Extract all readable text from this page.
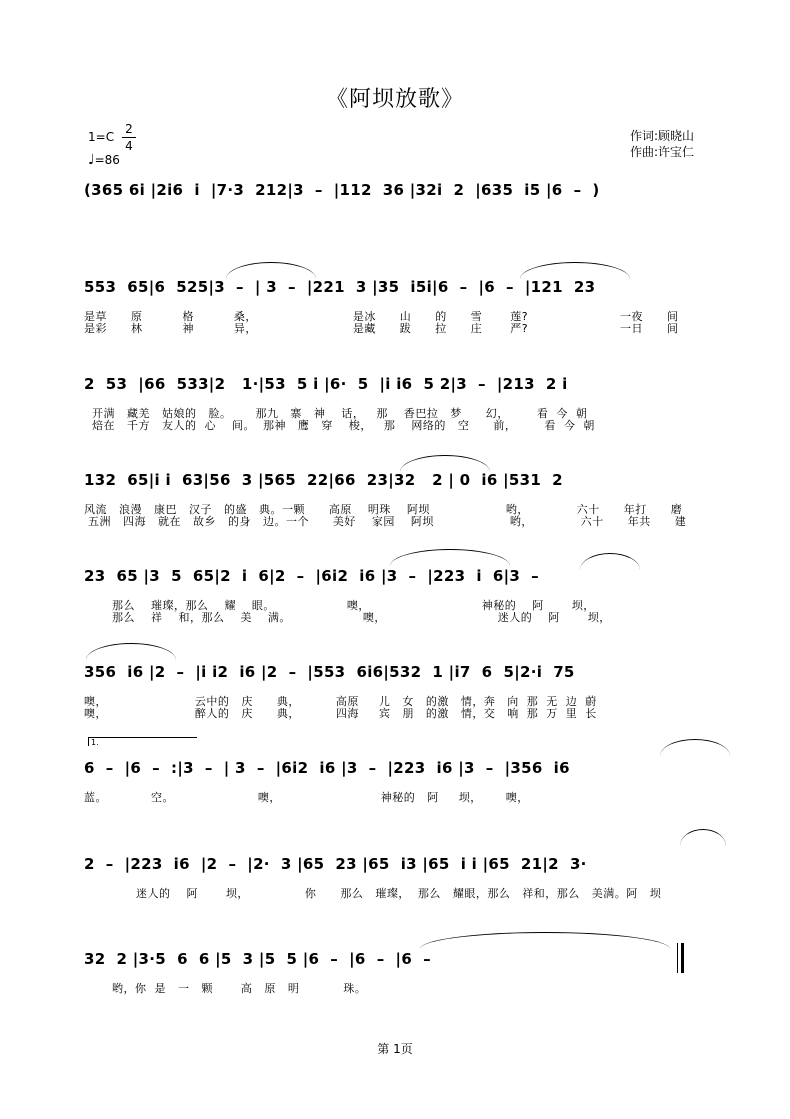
《阿坝放歌》
1=C
2
4
♩=86
作词:顾晓山
作曲:许宝仁
(365 6i |2i6  i  |7·3  212|3  –  |112  36 |32i  2  |635  i5 |6  –  )
553  65|6  525|3  –  | 3  –  |221  3 |35  i5i|6  –  |6  –  |121  23
是草      原          格          桑，                        是冰      山      的      雪       莲?                       一夜      间
是彩      林          神          异，                        是藏      跋      拉      庄       严?                       一日      间
2  53  |66  533|2   1·|53  5 i |6·  5  |i i6  5 2|3  –  |213  2 i
开满   藏羌   姑娘的   脸。      那九   寨   神    话，   那    香巴拉   梦      幻，       看  今  朝
焙在   千方   友人的  心    间。  那神   鹰   穿    梭，   那    网络的   空      前，       看  今  朝
132  65|i i  63|56  3 |565  22|66  23|32   2 | 0  i6 |531  2
风流   浪漫   康巴   汉子   的盛   典。一颗      高原    明珠    阿坝                   哟，            六十      年打      磨
五洲   四海   就在   故乡   的身   边。一个      美好    家园    阿坝                   哟，            六十      年共      建
23  65 |3  5  65|2  i  6|2  –  |6i2  i6 |3  –  |223  i  6|3  –
那么    璀璨，那么    耀    眼。                  噢，                            神秘的    阿       坝，
那么    祥    和，那么    美    满。                  噢，                            迷人的    阿       坝，
356  i6 |2  –  |i i2  i6 |2  –  |553  6i6|532  1 |i7  6  5|2·i  75
噢，                      云中的   庆      典，         高原     儿   女   的激   情，奔   向  那  无  边  蔚
噢，                      醉人的   庆      典，         四海     宾   朋   的激   情，交   响  那  万  里  长
1.
6  –  |6  –  :|3  –  | 3  –  |6i2  i6 |3  –  |223  i6 |3  –  |356  i6
蓝。           空。                     噢，                         神秘的   阿     坝，      噢，
2  –  |223  i6  |2  –  |2·  3 |65  23 |65  i3 |65  i i |65  21|2  3·
迷人的    阿       坝，              你      那么   璀璨，  那么   耀眼，那么   祥和，那么   美满。阿   坝
32  2 |3·5  6  6 |5  3 |5  5 |6  –  |6  –  |6  –
哟，你  是   一   颗       高   原   明           珠。
第 1页
